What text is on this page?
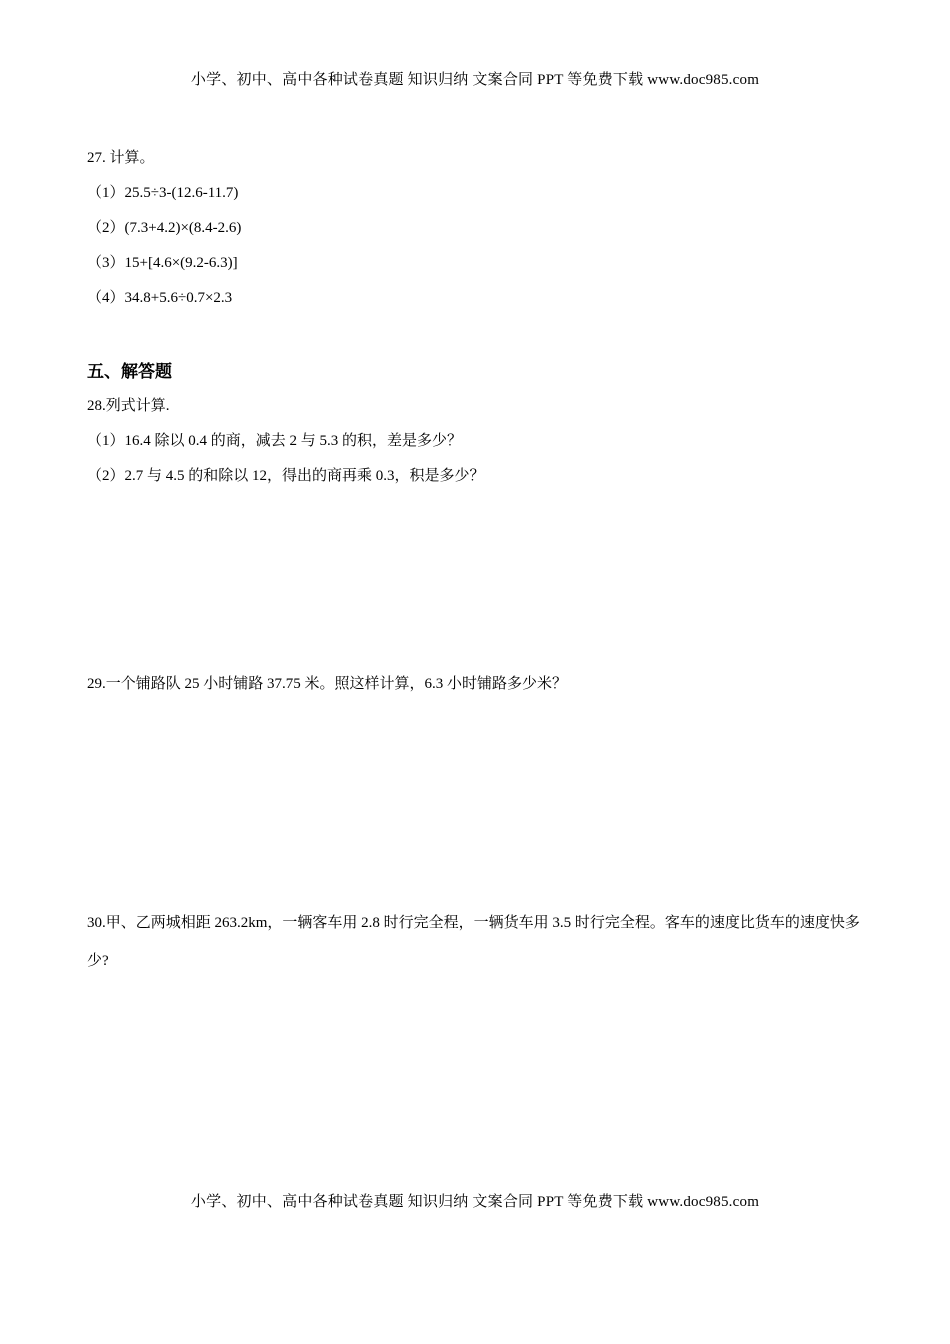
小学、初中、高中各种试卷真题 知识归纳 文案合同 PPT 等免费下载 www.doc985.com
27. 计算。
（1）25.5÷3-(12.6-11.7)
（2）(7.3+4.2)×(8.4-2.6)
（3）15+[4.6×(9.2-6.3)]
（4）34.8+5.6÷0.7×2.3
五、解答题
28.列式计算.
（1）16.4 除以 0.4 的商，减去 2 与 5.3 的积，差是多少？
（2）2.7 与 4.5 的和除以 12，得出的商再乘 0.3，积是多少？
29.一个铺路队 25 小时铺路 37.75 米。照这样计算，6.3 小时铺路多少米？
30.甲、乙两城相距 263.2km，一辆客车用 2.8 时行完全程，一辆货车用 3.5 时行完全程。客车的速度比货车的速度快多少?
小学、初中、高中各种试卷真题 知识归纳 文案合同 PPT 等免费下载 www.doc985.com
